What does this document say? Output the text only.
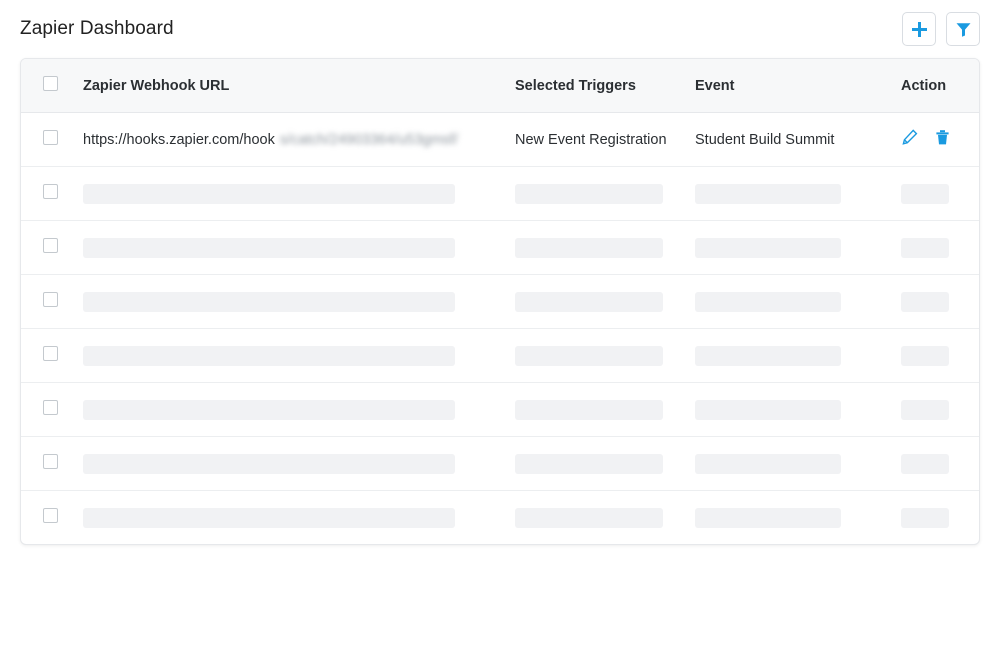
Zapier Dashboard
	Zapier Webhook URL	Selected Triggers	Event	Action

	https://hooks.zapier.com/hook s/catch/24903364/u53gmsf/	New Event Registration	Student Build Summit	
